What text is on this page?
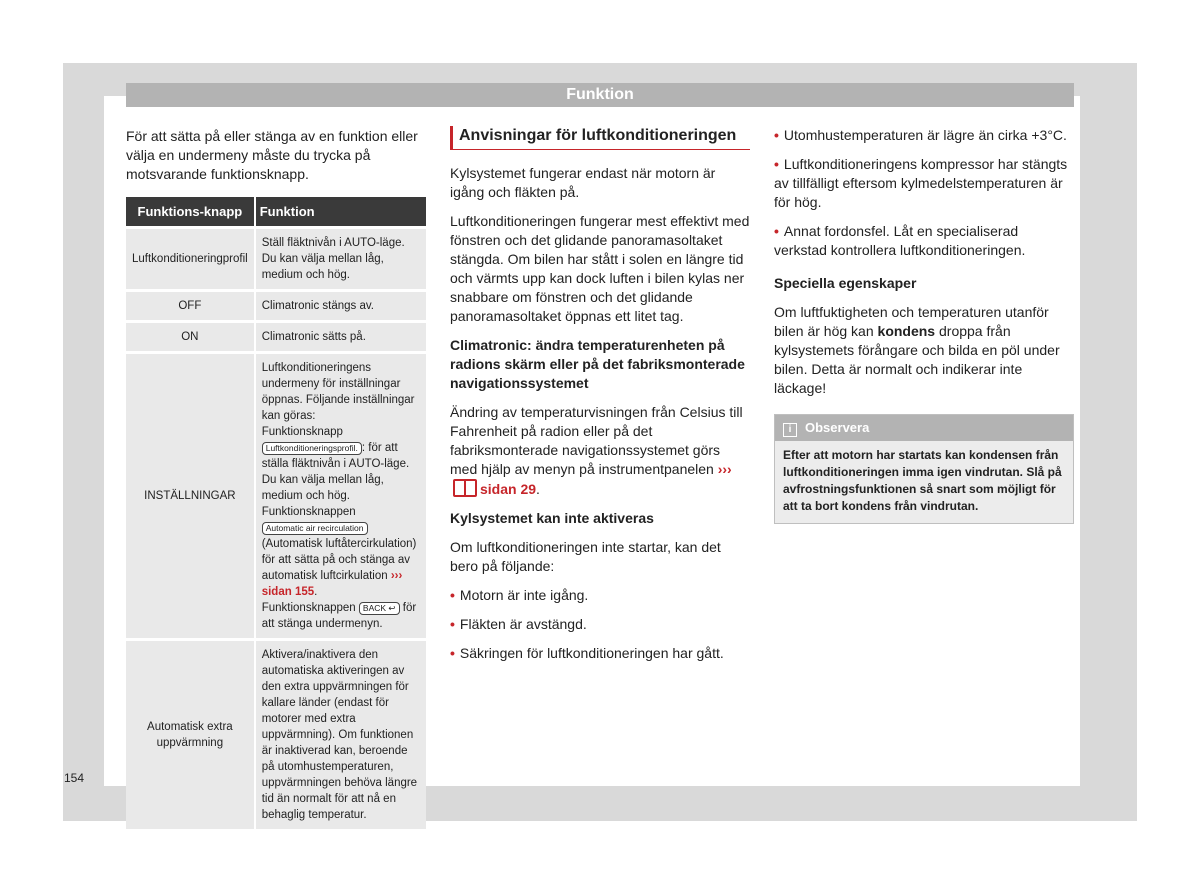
Funktion

För att sätta på eller stänga av en funktion eller välja en undermeny måste du trycka på motsvarande funktionsknapp.

Funktions-knapp	Funktion
Luftkonditioneringprofil	Ställ fläktnivån i AUTO-läge. Du kan välja mellan låg, medium och hög.
OFF	Climatronic stängs av.
ON	Climatronic sätts på.
INSTÄLLNINGAR	Luftkonditioneringens undermeny för inställningar öppnas. Följande inställningar kan göras:
Funktionsknapp Luftkonditioneringsprofil. : för att ställa fläktnivån i AUTO-läge. Du kan välja mellan låg, medium och hög.
Funktionsknappen Automatic air recirculation (Automatisk luftåtercirkulation) för att sätta på och stänga av automatisk luftcirkulation ››› sidan 155.
Funktionsknappen BACK ↩ för att stänga undermenyn.
Automatisk extra uppvärmning	Aktivera/inaktivera den automatiska aktiveringen av den extra uppvärmningen för kallare länder (endast för motorer med extra uppvärmning). Om funktionen är inaktiverad kan, beroende på utomhustemperaturen, uppvärmningen behöva längre tid än normalt för att nå en behaglig temperatur.
Anvisningar för luftkonditioneringen

Kylsystemet fungerar endast när motorn är igång och fläkten på.

Luftkonditioneringen fungerar mest effektivt med fönstren och det glidande panoramasoltaket stängda. Om bilen har stått i solen en längre tid och värmts upp kan dock luften i bilen kylas ner snabbare om fönstren och det glidande panoramasoltaket öppnas ett litet tag.

Climatronic: ändra temperaturenheten på radions skärm eller på det fabriksmonterade navigationssystemet

Ändring av temperaturvisningen från Celsius till Fahrenheit på radion eller på det fabriksmonterade navigationssystemet görs med hjälp av menyn på instrumentpanelen ›››sidan 29.

Kylsystemet kan inte aktiveras

Om luftkonditioneringen inte startar, kan det bero på följande:

• Motorn är inte igång.

• Fläkten är avstängd.

• Säkringen för luftkonditioneringen har gått.

• Utomhustemperaturen är lägre än cirka +3°C.

• Luftkonditioneringens kompressor har stängts av tillfälligt eftersom kylmedelstemperaturen är för hög.

• Annat fordonsfel. Låt en specialiserad verkstad kontrollera luftkonditioneringen.

Speciella egenskaper

Om luftfuktigheten och temperaturen utanför bilen är hög kan kondens droppa från kylsystemets förångare och bilda en pöl under bilen. Detta är normalt och indikerar inte läckage!

i Observera
Efter att motorn har startats kan kondensen från luftkonditioneringen imma igen vindrutan. Slå på avfrostningsfunktionen så snart som möjligt för att ta bort kondens från vindrutan.
154
